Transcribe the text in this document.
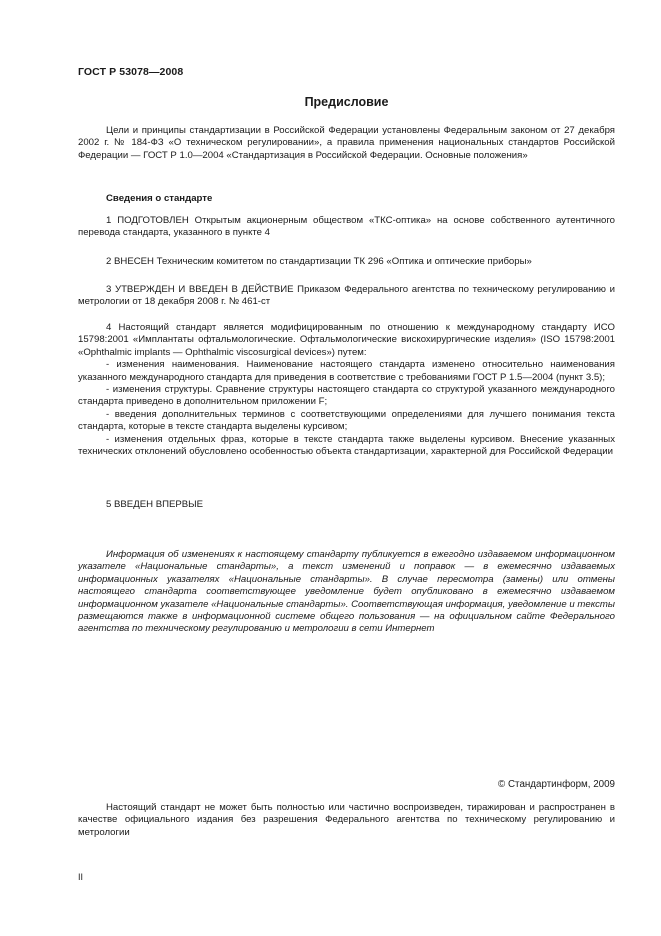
ГОСТ Р 53078—2008
Предисловие
Цели и принципы стандартизации в Российской Федерации установлены Федеральным законом от 27 декабря 2002 г. № 184-ФЗ «О техническом регулировании», а правила применения национальных стандартов Российской Федерации — ГОСТ Р 1.0—2004 «Стандартизация в Российской Федерации. Основные положения»
Сведения о стандарте
1 ПОДГОТОВЛЕН Открытым акционерным обществом «ТКС-оптика» на основе собственного аутентичного перевода стандарта, указанного в пункте 4
2 ВНЕСЕН Техническим комитетом по стандартизации ТК 296 «Оптика и оптические приборы»
3 УТВЕРЖДЕН И ВВЕДЕН В ДЕЙСТВИЕ Приказом Федерального агентства по техническому регулированию и метрологии от 18 декабря 2008 г. № 461-ст

4 Настоящий стандарт является модифицированным по отношению к международному стандарту ИСО 15798:2001 «Имплантаты офтальмологические. Офтальмологические вискохирургические изделия» (ISO 15798:2001 «Ophthalmic implants — Ophthalmic viscosurgical devices») путем:

- изменения наименования. Наименование настоящего стандарта изменено относительно наименования указанного международного стандарта для приведения в соответствие с требованиями ГОСТ Р 1.5—2004 (пункт 3.5);

- изменения структуры. Сравнение структуры настоящего стандарта со структурой указанного международного стандарта приведено в дополнительном приложении F;

- введения дополнительных терминов с соответствующими определениями для лучшего понимания текста стандарта, которые в тексте стандарта выделены курсивом;

- изменения отдельных фраз, которые в тексте стандарта также выделены курсивом. Внесение указанных технических отклонений обусловлено особенностью объекта стандартизации, характерной для Российской Федерации

5 ВВЕДЕН ВПЕРВЫЕ
Информация об изменениях к настоящему стандарту публикуется в ежегодно издаваемом информационном указателе «Национальные стандарты», а текст изменений и поправок — в ежемесячно издаваемых информационных указателях «Национальные стандарты». В случае пересмотра (замены) или отмены настоящего стандарта соответствующее уведомление будет опубликовано в ежемесячно издаваемом информационном указателе «Национальные стандарты». Соответствующая информация, уведомление и тексты размещаются также в информационной системе общего пользования — на официальном сайте Федерального агентства по техническому регулированию и метрологии в сети Интернет
© Стандартинформ, 2009
Настоящий стандарт не может быть полностью или частично воспроизведен, тиражирован и распространен в качестве официального издания без разрешения Федерального агентства по техническому регулированию и метрологии
II
